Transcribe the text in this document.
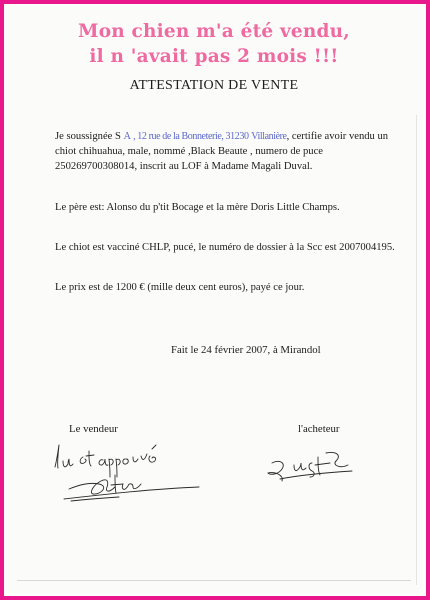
Mon chien m'a été vendu,
il n 'avait pas 2 mois !!!
ATTESTATION DE VENTE
Je soussignée S A , 12 rue de la Bonneterie, 31230 Villanière, certifie avoir vendu un chiot chihuahua, male, nommé ,Black Beaute , numero de puce 250269700308014, inscrit au LOF à Madame Magali Duval.
Le père est: Alonso du p'tit Bocage et la mère Doris Little Champs.
Le chiot est vacciné CHLP, pucé, le numéro de dossier à la Scc est 2007004195.
Le prix est de 1200 € (mille deux cent euros), payé ce jour.
Fait le 24 février 2007, à Mirandol
Le vendeur	l'acheteur
